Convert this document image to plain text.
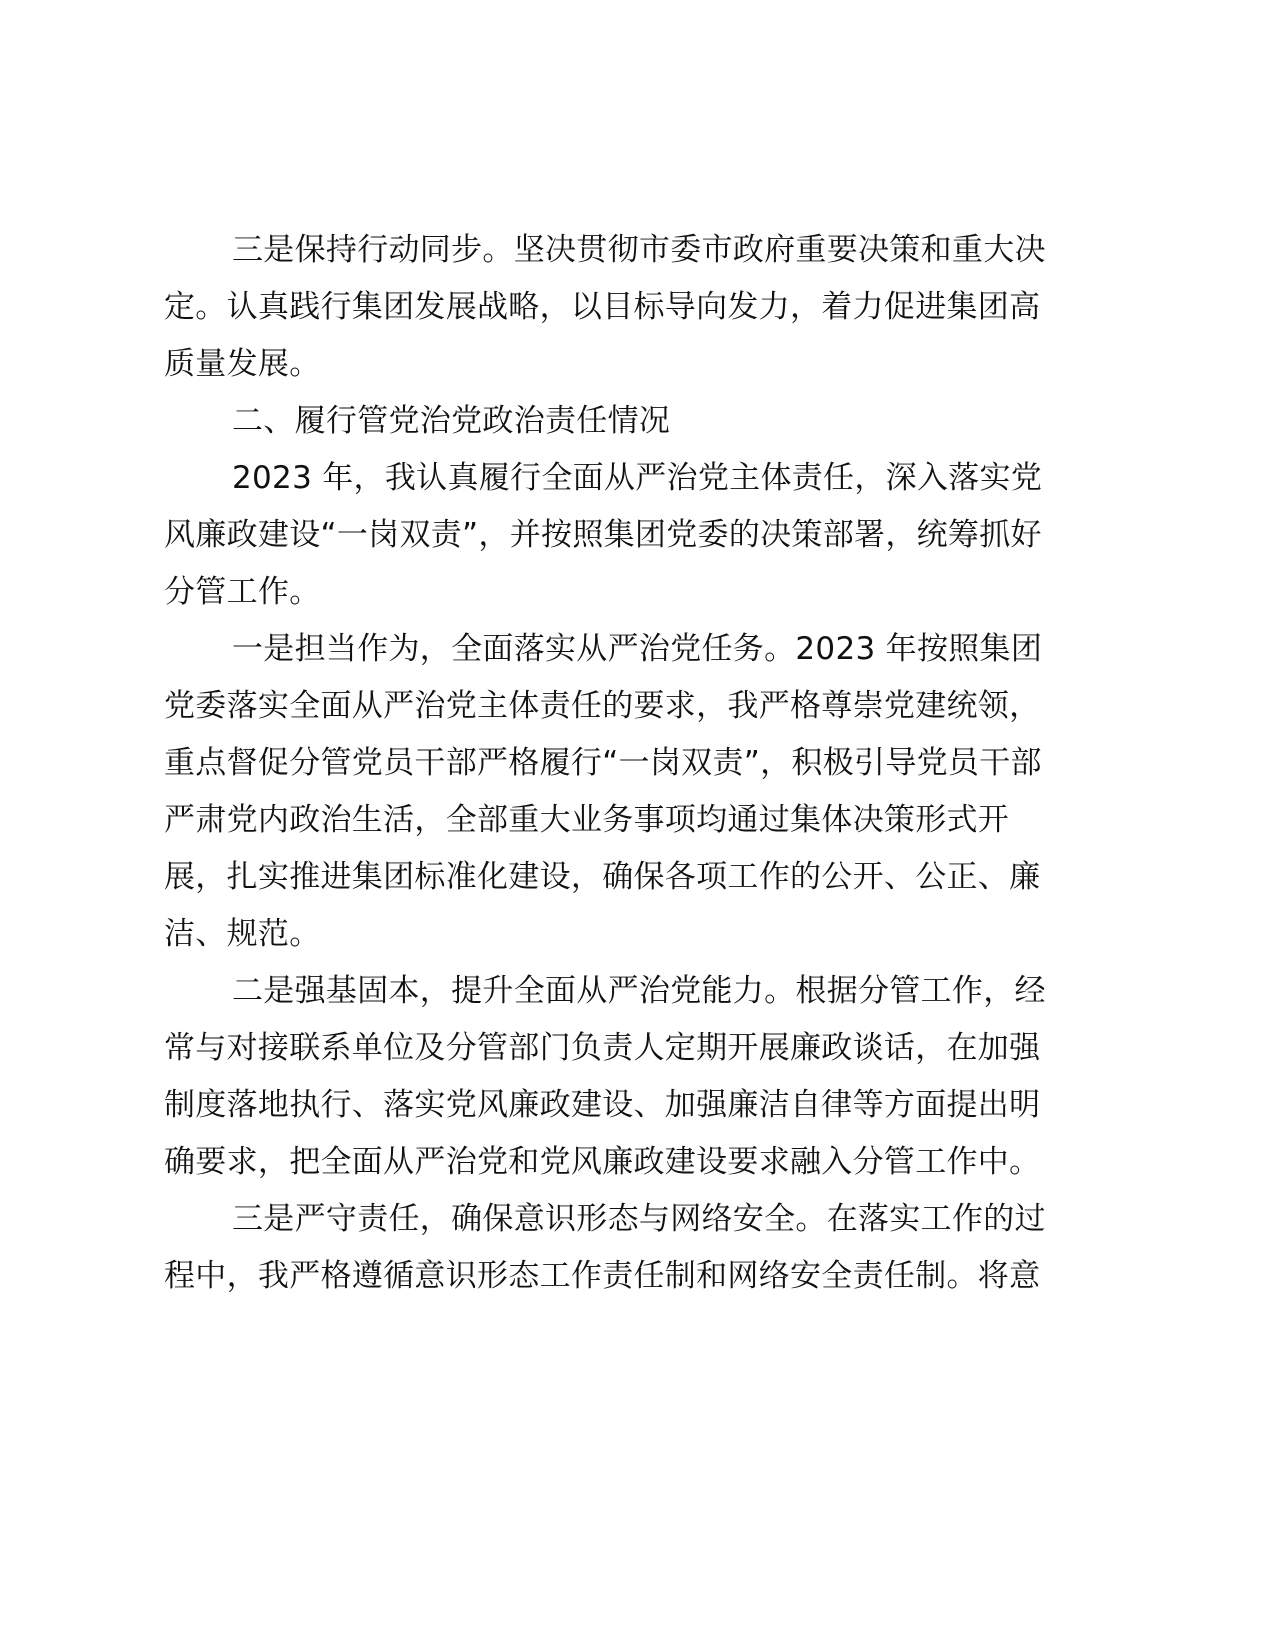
三是保持行动同步。坚决贯彻市委市政府重要决策和重大决
定。认真践行集团发展战略，以目标导向发力，着力促进集团高
质量发展。
二、履行管党治党政治责任情况
2023 年，我认真履行全面从严治党主体责任，深入落实党
风廉政建设“一岗双责”，并按照集团党委的决策部署，统筹抓好
分管工作。
一是担当作为，全面落实从严治党任务。2023 年按照集团
党委落实全面从严治党主体责任的要求，我严格尊崇党建统领，
重点督促分管党员干部严格履行“一岗双责”，积极引导党员干部
严肃党内政治生活，全部重大业务事项均通过集体决策形式开
展，扎实推进集团标准化建设，确保各项工作的公开、公正、廉
洁、规范。
二是强基固本，提升全面从严治党能力。根据分管工作，经
常与对接联系单位及分管部门负责人定期开展廉政谈话，在加强
制度落地执行、落实党风廉政建设、加强廉洁自律等方面提出明
确要求，把全面从严治党和党风廉政建设要求融入分管工作中。
三是严守责任，确保意识形态与网络安全。在落实工作的过
程中，我严格遵循意识形态工作责任制和网络安全责任制。将意
